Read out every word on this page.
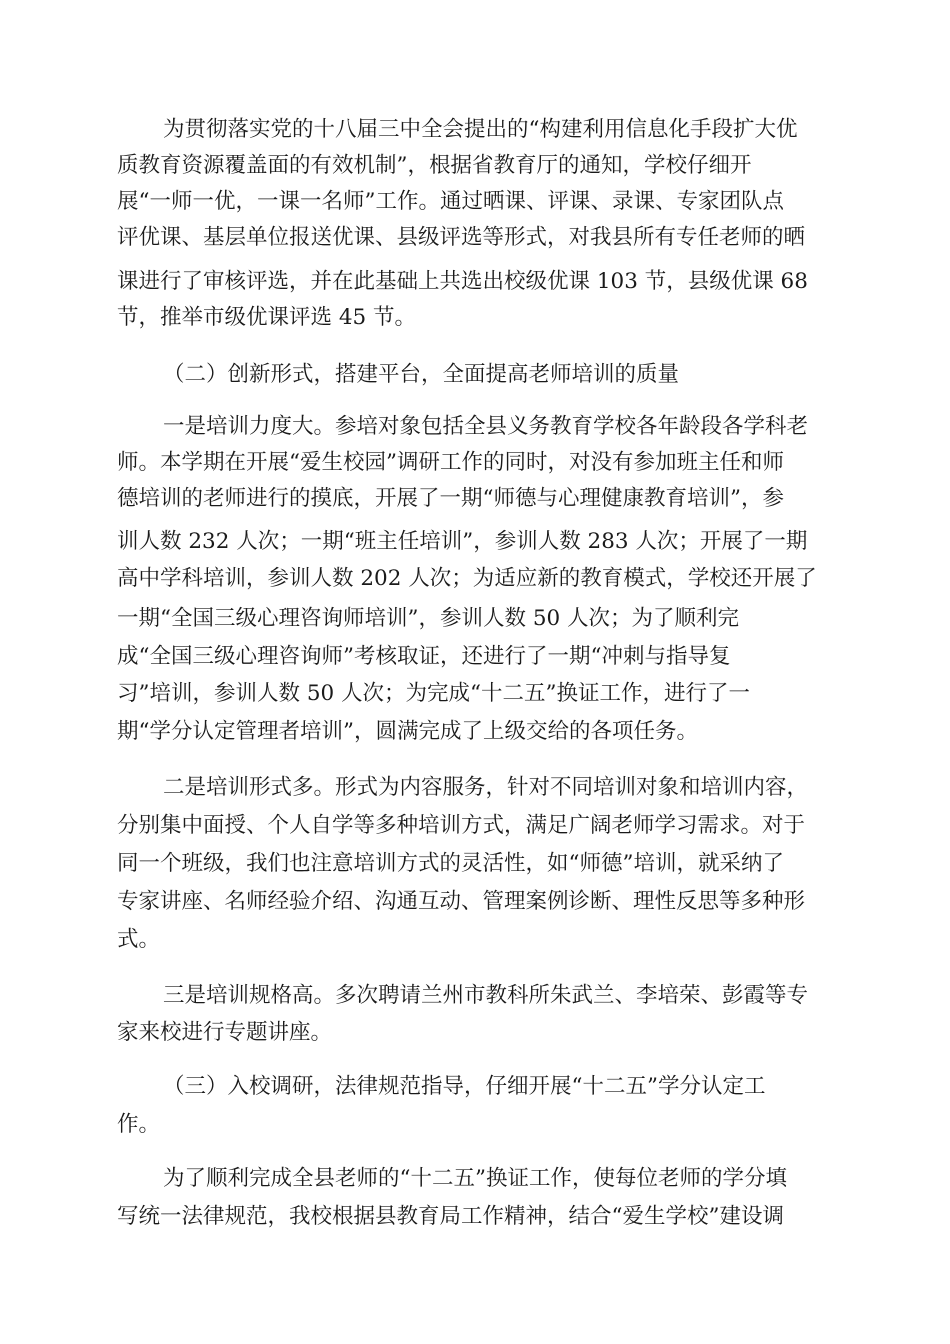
为贯彻落实党的十八届三中全会提出的“构建利用信息化手段扩大优

质教育资源覆盖面的有效机制”，根据省教育厅的通知，学校仔细开

展“一师一优，一课一名师”工作。通过晒课、评课、录课、专家团队点

评优课、基层单位报送优课、县级评选等形式，对我县所有专任老师的晒

课进行了审核评选，并在此基础上共选出校级优课 103 节，县级优课 68

节，推举市级优课评选 45 节。

（二）创新形式，搭建平台，全面提高老师培训的质量

一是培训力度大。参培对象包括全县义务教育学校各年龄段各学科老

师。本学期在开展“爱生校园”调研工作的同时，对没有参加班主任和师

德培训的老师进行的摸底，开展了一期“师德与心理健康教育培训”，参

训人数 232 人次；一期“班主任培训”，参训人数 283 人次；开展了一期

高中学科培训，参训人数 202 人次；为适应新的教育模式，学校还开展了

一期“全国三级心理咨询师培训”，参训人数 50 人次；为了顺利完

成“全国三级心理咨询师”考核取证，还进行了一期“冲刺与指导复

习”培训，参训人数 50 人次；为完成“十二五”换证工作，进行了一

期“学分认定管理者培训”，圆满完成了上级交给的各项任务。

二是培训形式多。形式为内容服务，针对不同培训对象和培训内容，

分别集中面授、个人自学等多种培训方式，满足广阔老师学习需求。对于

同一个班级，我们也注意培训方式的灵活性，如“师德”培训，就采纳了

专家讲座、名师经验介绍、沟通互动、管理案例诊断、理性反思等多种形

式。

三是培训规格高。多次聘请兰州市教科所朱武兰、李培荣、彭霞等专

家来校进行专题讲座。

（三）入校调研，法律规范指导，仔细开展“十二五”学分认定工

作。

为了顺利完成全县老师的“十二五”换证工作，使每位老师的学分填

写统一法律规范，我校根据县教育局工作精神，结合“爱生学校”建设调
